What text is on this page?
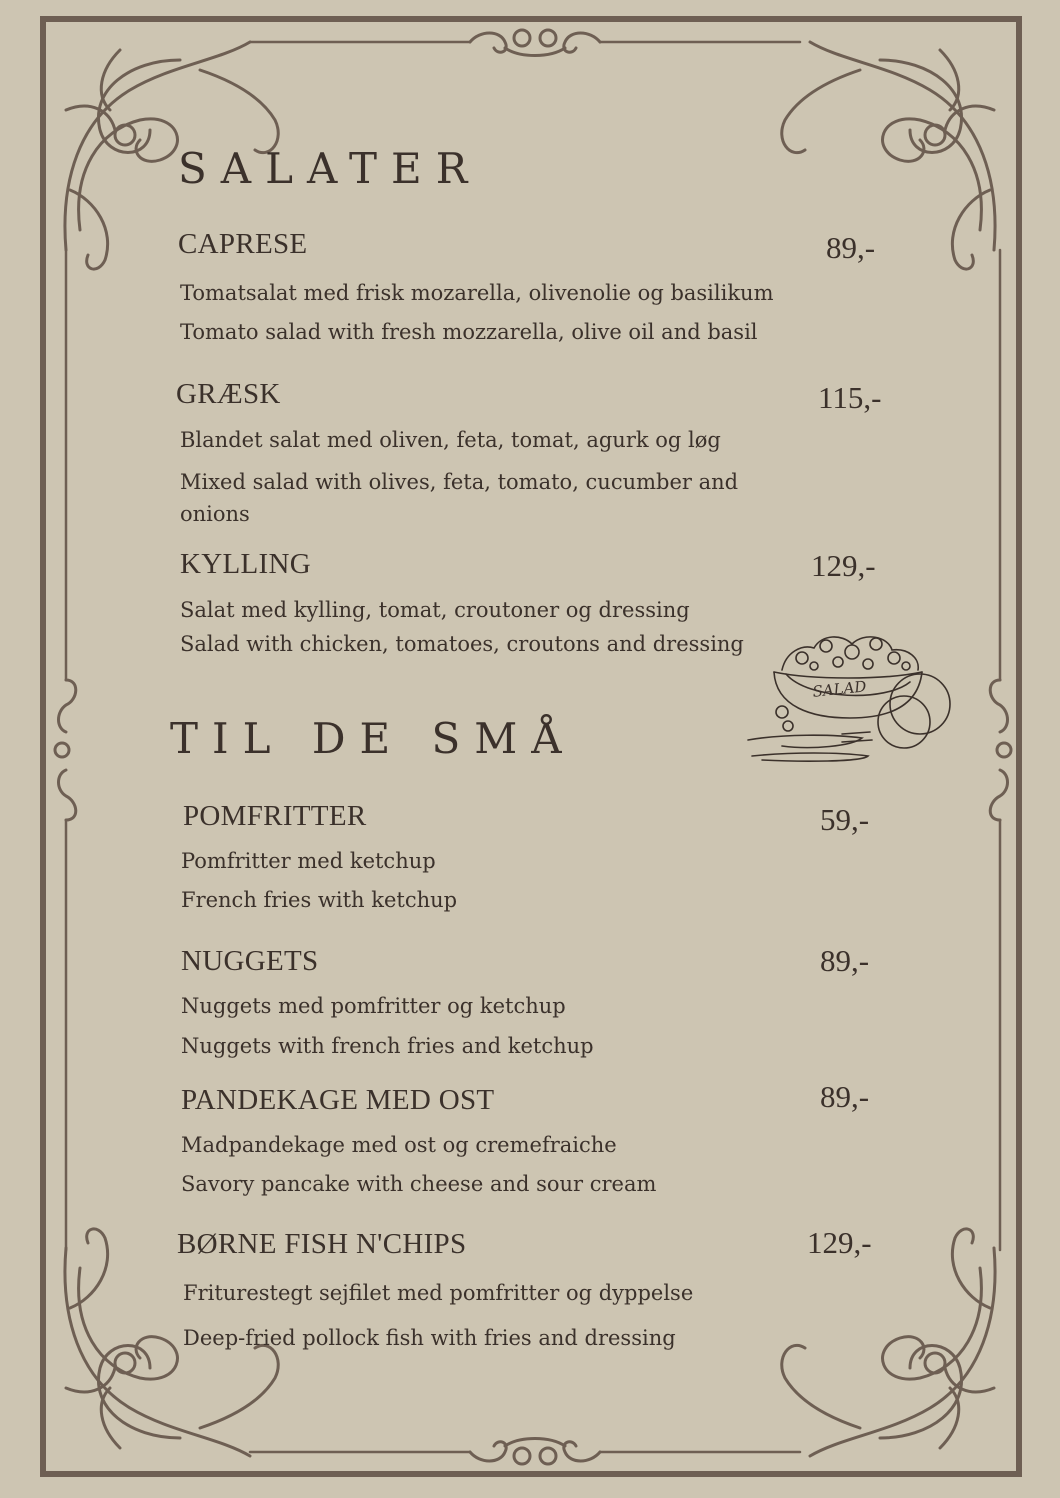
SALATER
CAPRESE	89,-
Tomatsalat med frisk mozarella, olivenolie og basilikum
Tomato salad with fresh mozzarella, olive oil and basil
GRÆSK	115,-
Blandet salat med oliven, feta, tomat, agurk og løg
Mixed salad with olives, feta, tomato, cucumber and onions
KYLLING	129,-
Salat med kylling, tomat, croutoner og dressing
Salad with chicken, tomatoes, croutons and dressing
SALAD
TIL DE SMÅ
POMFRITTER	59,-
Pomfritter med ketchup
French fries with ketchup
NUGGETS	89,-
Nuggets med pomfritter og ketchup
Nuggets with french fries and ketchup
PANDEKAGE MED OST	89,-
Madpandekage med ost og cremefraiche
Savory pancake with cheese and sour cream
BØRNE FISH N'CHIPS	129,-
Friturestegt sejfilet med pomfritter og dyppelse
Deep-fried pollock fish with fries and dressing
